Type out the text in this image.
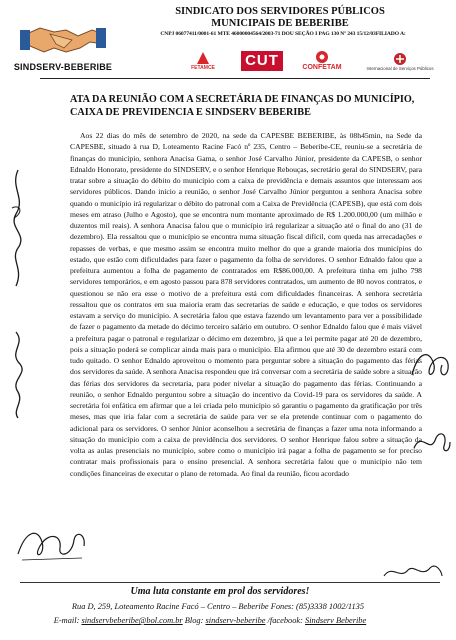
SINDSERV-BEBERIBE
SINDICATO DOS SERVIDORES PÚBLICOS
MUNICIPAIS DE BEBERIBE
CNPJ 06077411/0001-61 MTE 46000004564/2003-71 DOU SEÇÃO I PAG 130 Nº 243 15/12/03FILIADO A:
FETAMCE CUT	CONFETAM	Internacional de Serviços Públicos
ATA DA REUNIÃO COM A SECRETÁRIA DE FINANÇAS DO MUNICÍPIO, CAIXA DE PREVIDENCIA E SINDSERV BEBERIBE
Aos 22 dias do mês de setembro de 2020, na sede da CAPESBE BEBERIBE, às 08h45min, na Sede da CAPESBE, situado à rua D, Loteamento Racine Facó nº 235, Centro – Beberibe-CE, reuniu-se a secretária de finanças do município, senhora Anacisa Gama, o senhor José Carvalho Júnior, presidente da CAPESB, o senhor Ednaldo Honorato, presidente do SINDSERV, e o senhor Henrique Rebouças, secretário geral do SINDSERV, para tratar sobre a situação do débito do município com a caixa de previdência e demais assuntos que interessam aos servidores públicos. Dando início a reunião, o senhor José Carvalho Júnior perguntou a senhora Anacisa sobre quando o município irá regularizar o débito do patronal com a Caixa de Previdência (CAPESB), que está com dois meses em atraso (Julho e Agosto), que se encontra num montante aproximado de R$ 1.200.000,00 (um milhão e duzentos mil reais). A senhora Anacisa falou que o município irá regularizar a situação até o final do ano (31 de dezembro). Ela ressaltou que o município se encontra numa situação fiscal difícil, com queda nas arrecadações e repasses de verbas, e que mesmo assim se encontra muito melhor do que a grande maioria dos municípios do estado, que estão com dificuldades para fazer o pagamento da folha de servidores. O senhor Ednaldo falou que a prefeitura aumentou a folha de pagamento de contratados em R$86.000,00. A prefeitura tinha em julho 798 servidores temporários, e em agosto passou para 878 servidores contratados, um aumento de 80 novos contratos, e questionou se não era esse o motivo de a prefeitura está com dificuldades financeiras. A senhora secretária ressaltou que os contratos em sua maioria eram das secretarias de saúde e educação, e que todos os servidores estavam a serviço do município. A secretária falou que estava fazendo um levantamento para ver a possibilidade de fazer o pagamento da metade do décimo terceiro salário em outubro. O senhor Ednaldo falou que é mais viável a prefeitura pagar o patronal e regularizar o décimo em dezembro, já que a lei permite pagar até 20 de dezembro, pois a situação poderá se complicar ainda mais para o município. Ela afirmou que até 30 de dezembro estará com tudo quitado. O senhor Ednaldo aproveitou o momento para perguntar sobre a situação do pagamento das férias dos servidores da saúde. A senhora Anacisa respondeu que irá conversar com a secretária de saúde sobre a situação das férias dos servidores da secretaria, para poder nivelar a situação do pagamento das férias. Continuando a reunião, o senhor Ednaldo perguntou sobre a situação do incentivo da Covid-19 para os servidores da saúde. A secretária foi enfática em afirmar que a lei criada pelo município só garantiu o pagamento da gratificação por três meses, mas que iria falar com a secretária de saúde para ver se ela pretende continuar com o pagamento do adicional para os servidores. O senhor Júnior aconselhou a secretária de finanças a fazer uma nota informando a situação do município com a caixa de previdência dos servidores. O senhor Henrique falou sobre a situação da volta as aulas presenciais no município, sobre como o município irá pagar a folha de pagamento se for preciso contratar mais profissionais para o ensino presencial. A senhora secretária falou que o município não tem condições financeiras de executar o plano de retomada. Ao final da reunião, ficou acordado
Uma luta constante em prol dos servidores!
Rua D, 259, Loteamento Racine Facó – Centro – Beberibe Fones: (85)3338 1002/1135
E-mail: sindservbeberibe@bol.com.br Blog: sindserv-beberibe /facebook: Sindserv Beberibe
